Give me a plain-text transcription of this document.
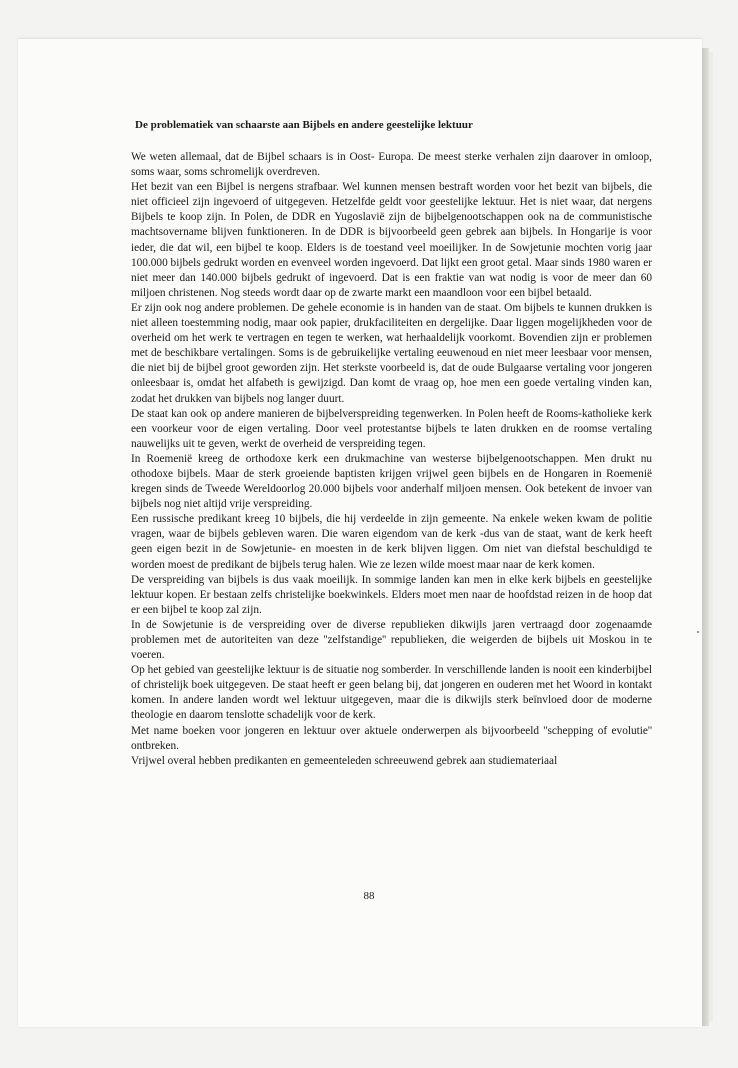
De problematiek van schaarste aan Bijbels en andere geestelijke lektuur

We weten allemaal, dat de Bijbel schaars is in Oost- Europa. De meest sterke verhalen zijn daarover in omloop, soms waar, soms schromelijk overdreven.

Het bezit van een Bijbel is nergens strafbaar. Wel kunnen mensen bestraft worden voor het bezit van bijbels, die niet officieel zijn ingevoerd of uitgegeven. Hetzelfde geldt voor geestelijke lektuur. Het is niet waar, dat nergens Bijbels te koop zijn. In Polen, de DDR en Yugoslavië zijn de bijbelgenootschappen ook na de communistische machtsovername blijven funktioneren. In de DDR is bijvoorbeeld geen gebrek aan bijbels. In Hongarije is voor ieder, die dat wil, een bijbel te koop. Elders is de toestand veel moeilijker. In de Sowjetunie mochten vorig jaar 100.000 bijbels gedrukt worden en evenveel worden ingevoerd. Dat lijkt een groot getal. Maar sinds 1980 waren er niet meer dan 140.000 bijbels gedrukt of ingevoerd. Dat is een fraktie van wat nodig is voor de meer dan 60 miljoen christenen. Nog steeds wordt daar op de zwarte markt een maandloon voor een bijbel betaald.

Er zijn ook nog andere problemen. De gehele economie is in handen van de staat. Om bijbels te kunnen drukken is niet alleen toestemming nodig, maar ook papier, drukfaciliteiten en dergelijke. Daar liggen mogelijkheden voor de overheid om het werk te vertragen en tegen te werken, wat herhaaldelijk voorkomt. Bovendien zijn er problemen met de beschikbare vertalingen. Soms is de gebruikelijke vertaling eeuwenoud en niet meer leesbaar voor mensen, die niet bij de bijbel groot geworden zijn. Het sterkste voorbeeld is, dat de oude Bulgaarse vertaling voor jongeren onleesbaar is, omdat het alfabeth is gewijzigd. Dan komt de vraag op, hoe men een goede vertaling vinden kan, zodat het drukken van bijbels nog langer duurt.

De staat kan ook op andere manieren de bijbelverspreiding tegenwerken. In Polen heeft de Rooms-katholieke kerk een voorkeur voor de eigen vertaling. Door veel protestantse bijbels te laten drukken en de roomse vertaling nauwelijks uit te geven, werkt de overheid de verspreiding tegen.

In Roemenië kreeg de orthodoxe kerk een drukmachine van westerse bijbelgenootschappen. Men drukt nu othodoxe bijbels. Maar de sterk groeiende baptisten krijgen vrijwel geen bijbels en de Hongaren in Roemenië kregen sinds de Tweede Wereldoorlog 20.000 bijbels voor anderhalf miljoen mensen. Ook betekent de invoer van bijbels nog niet altijd vrije verspreiding.

Een russische predikant kreeg 10 bijbels, die hij verdeelde in zijn gemeente. Na enkele weken kwam de politie vragen, waar de bijbels gebleven waren. Die waren eigendom van de kerk -dus van de staat, want de kerk heeft geen eigen bezit in de Sowjetunie- en moesten in de kerk blijven liggen. Om niet van diefstal beschuldigd te worden moest de predikant de bijbels terug halen. Wie ze lezen wilde moest maar naar de kerk komen.

De verspreiding van bijbels is dus vaak moeilijk. In sommige landen kan men in elke kerk bijbels en geestelijke lektuur kopen. Er bestaan zelfs christelijke boekwinkels. Elders moet men naar de hoofdstad reizen in de hoop dat er een bijbel te koop zal zijn.

In de Sowjetunie is de verspreiding over de diverse republieken dikwijls jaren vertraagd door zogenaamde problemen met de autoriteiten van deze ''zelfstandige'' republieken, die weigerden de bijbels uit Moskou in te voeren.

Op het gebied van geestelijke lektuur is de situatie nog somberder. In verschillende landen is nooit een kinderbijbel of christelijk boek uitgegeven. De staat heeft er geen belang bij, dat jongeren en ouderen met het Woord in kontakt komen. In andere landen wordt wel lektuur uitgegeven, maar die is dikwijls sterk beïnvloed door de moderne theologie en daarom tenslotte schadelijk voor de kerk.

Met name boeken voor jongeren en lektuur over aktuele onderwerpen als bijvoorbeeld ''schepping of evolutie'' ontbreken.

Vrijwel overal hebben predikanten en gemeenteleden schreeuwend gebrek aan studiemateriaal

88
